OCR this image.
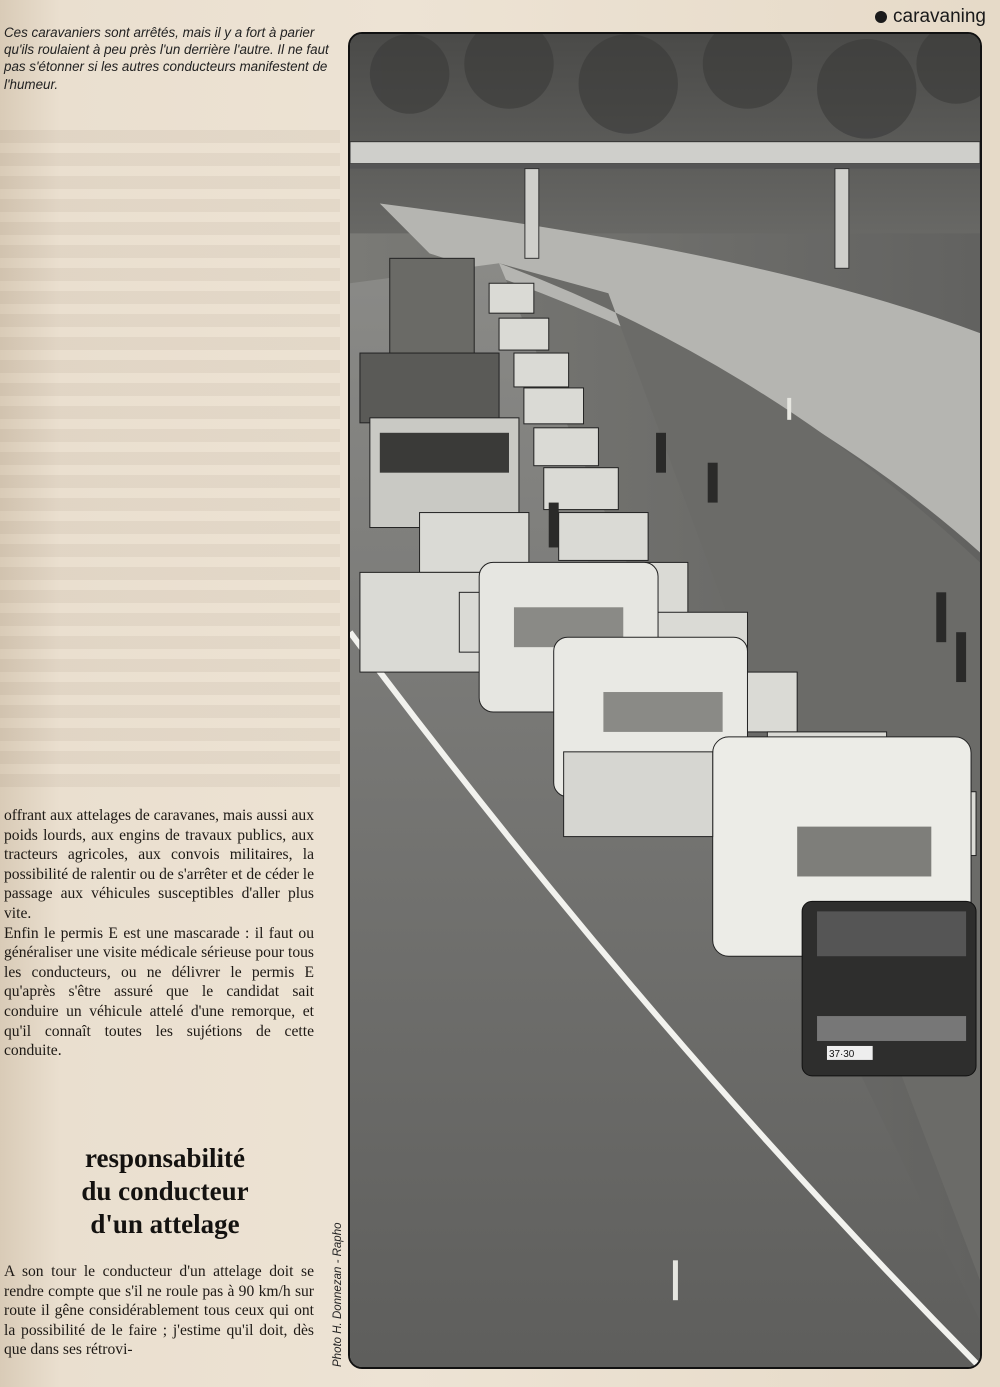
caravaning
Ces caravaniers sont arrêtés, mais il y a fort à parier qu'ils roulaient à peu près l'un derrière l'autre. Il ne faut pas s'étonner si les autres conducteurs manifestent de l'humeur.

offrant aux attelages de caravanes, mais aussi aux poids lourds, aux engins de travaux publics, aux tracteurs agricoles, aux convois militaires, la possibilité de ralentir ou de s'arrêter et de céder le passage aux véhicules susceptibles d'aller plus vite.

Enfin le permis E est une mascarade : il faut ou généraliser une visite médicale sérieuse pour tous les conducteurs, ou ne délivrer le permis E qu'après s'être assuré que le candidat sait conduire un véhicule attelé d'une remorque, et qu'il connaît toutes les sujétions de cette conduite.

responsabilité
du conducteur
d'un attelage

A son tour le conducteur d'un attelage doit se rendre compte que s'il ne roule pas à 90 km/h sur route il gêne considérablement tous ceux qui ont la possibilité de le faire ; j'estime qu'il doit, dès que dans ses rétrovi-

37·30
Photo H. Donnezan - Rapho
